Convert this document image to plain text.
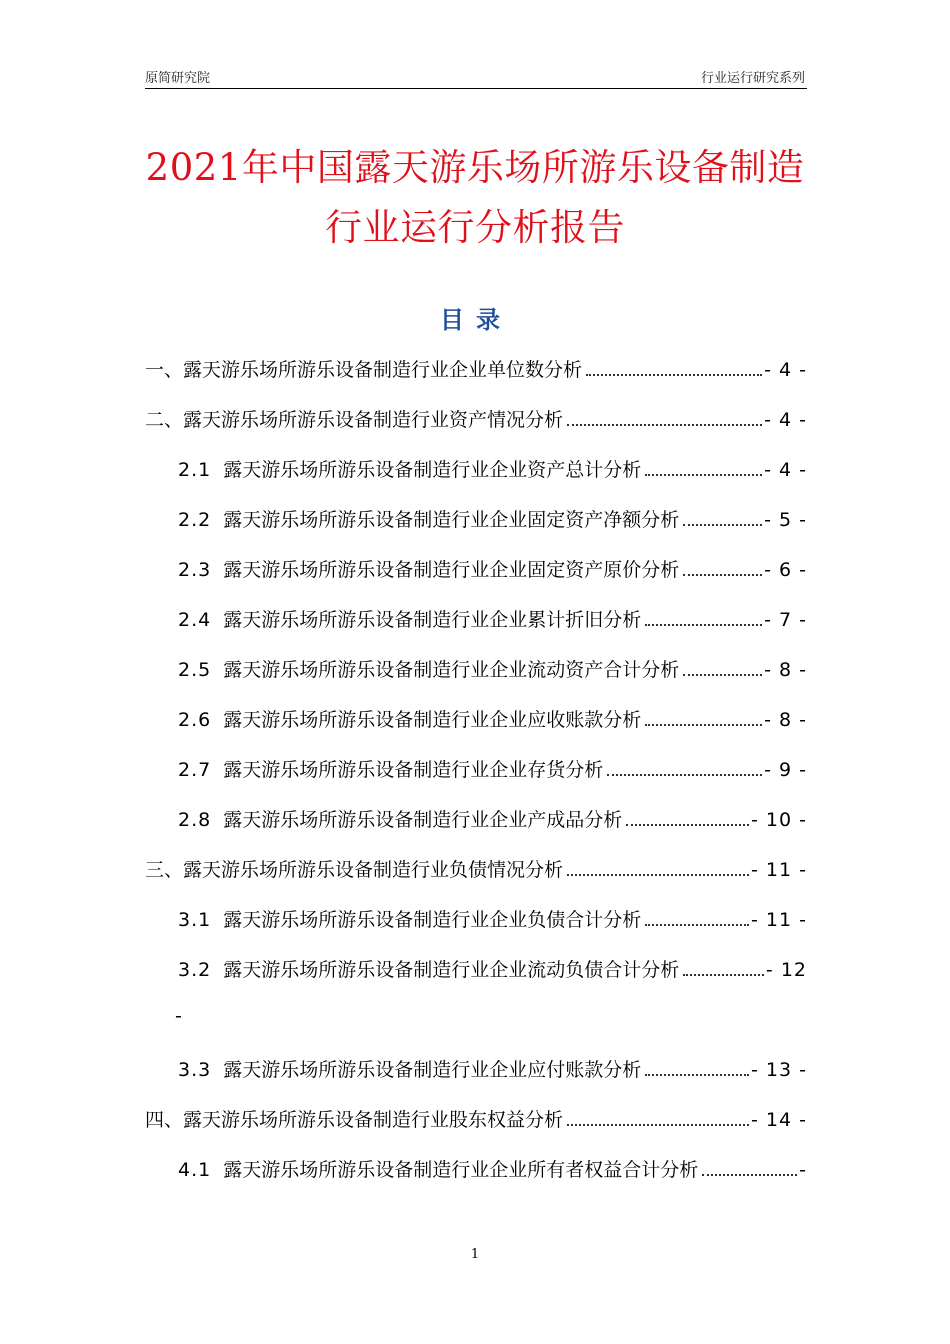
原简研究院	行业运行研究系列
2021年中国露天游乐场所游乐设备制造
行业运行分析报告
目录
一、露天游乐场所游乐设备制造行业企业单位数分析	- 4 -
二、露天游乐场所游乐设备制造行业资产情况分析	- 4 -
2.1 露天游乐场所游乐设备制造行业企业资产总计分析	- 4 -
2.2 露天游乐场所游乐设备制造行业企业固定资产净额分析	- 5 -
2.3 露天游乐场所游乐设备制造行业企业固定资产原价分析	- 6 -
2.4 露天游乐场所游乐设备制造行业企业累计折旧分析	- 7 -
2.5 露天游乐场所游乐设备制造行业企业流动资产合计分析	- 8 -
2.6 露天游乐场所游乐设备制造行业企业应收账款分析	- 8 -
2.7 露天游乐场所游乐设备制造行业企业存货分析	- 9 -
2.8 露天游乐场所游乐设备制造行业企业产成品分析	- 10 -
三、露天游乐场所游乐设备制造行业负债情况分析	- 11 -
3.1 露天游乐场所游乐设备制造行业企业负债合计分析	- 11 -
3.2 露天游乐场所游乐设备制造行业企业流动负债合计分析	- 12
3.3 露天游乐场所游乐设备制造行业企业应付账款分析	- 13 -
四、露天游乐场所游乐设备制造行业股东权益分析	- 14 -
4.1 露天游乐场所游乐设备制造行业企业所有者权益合计分析	-
-
1
